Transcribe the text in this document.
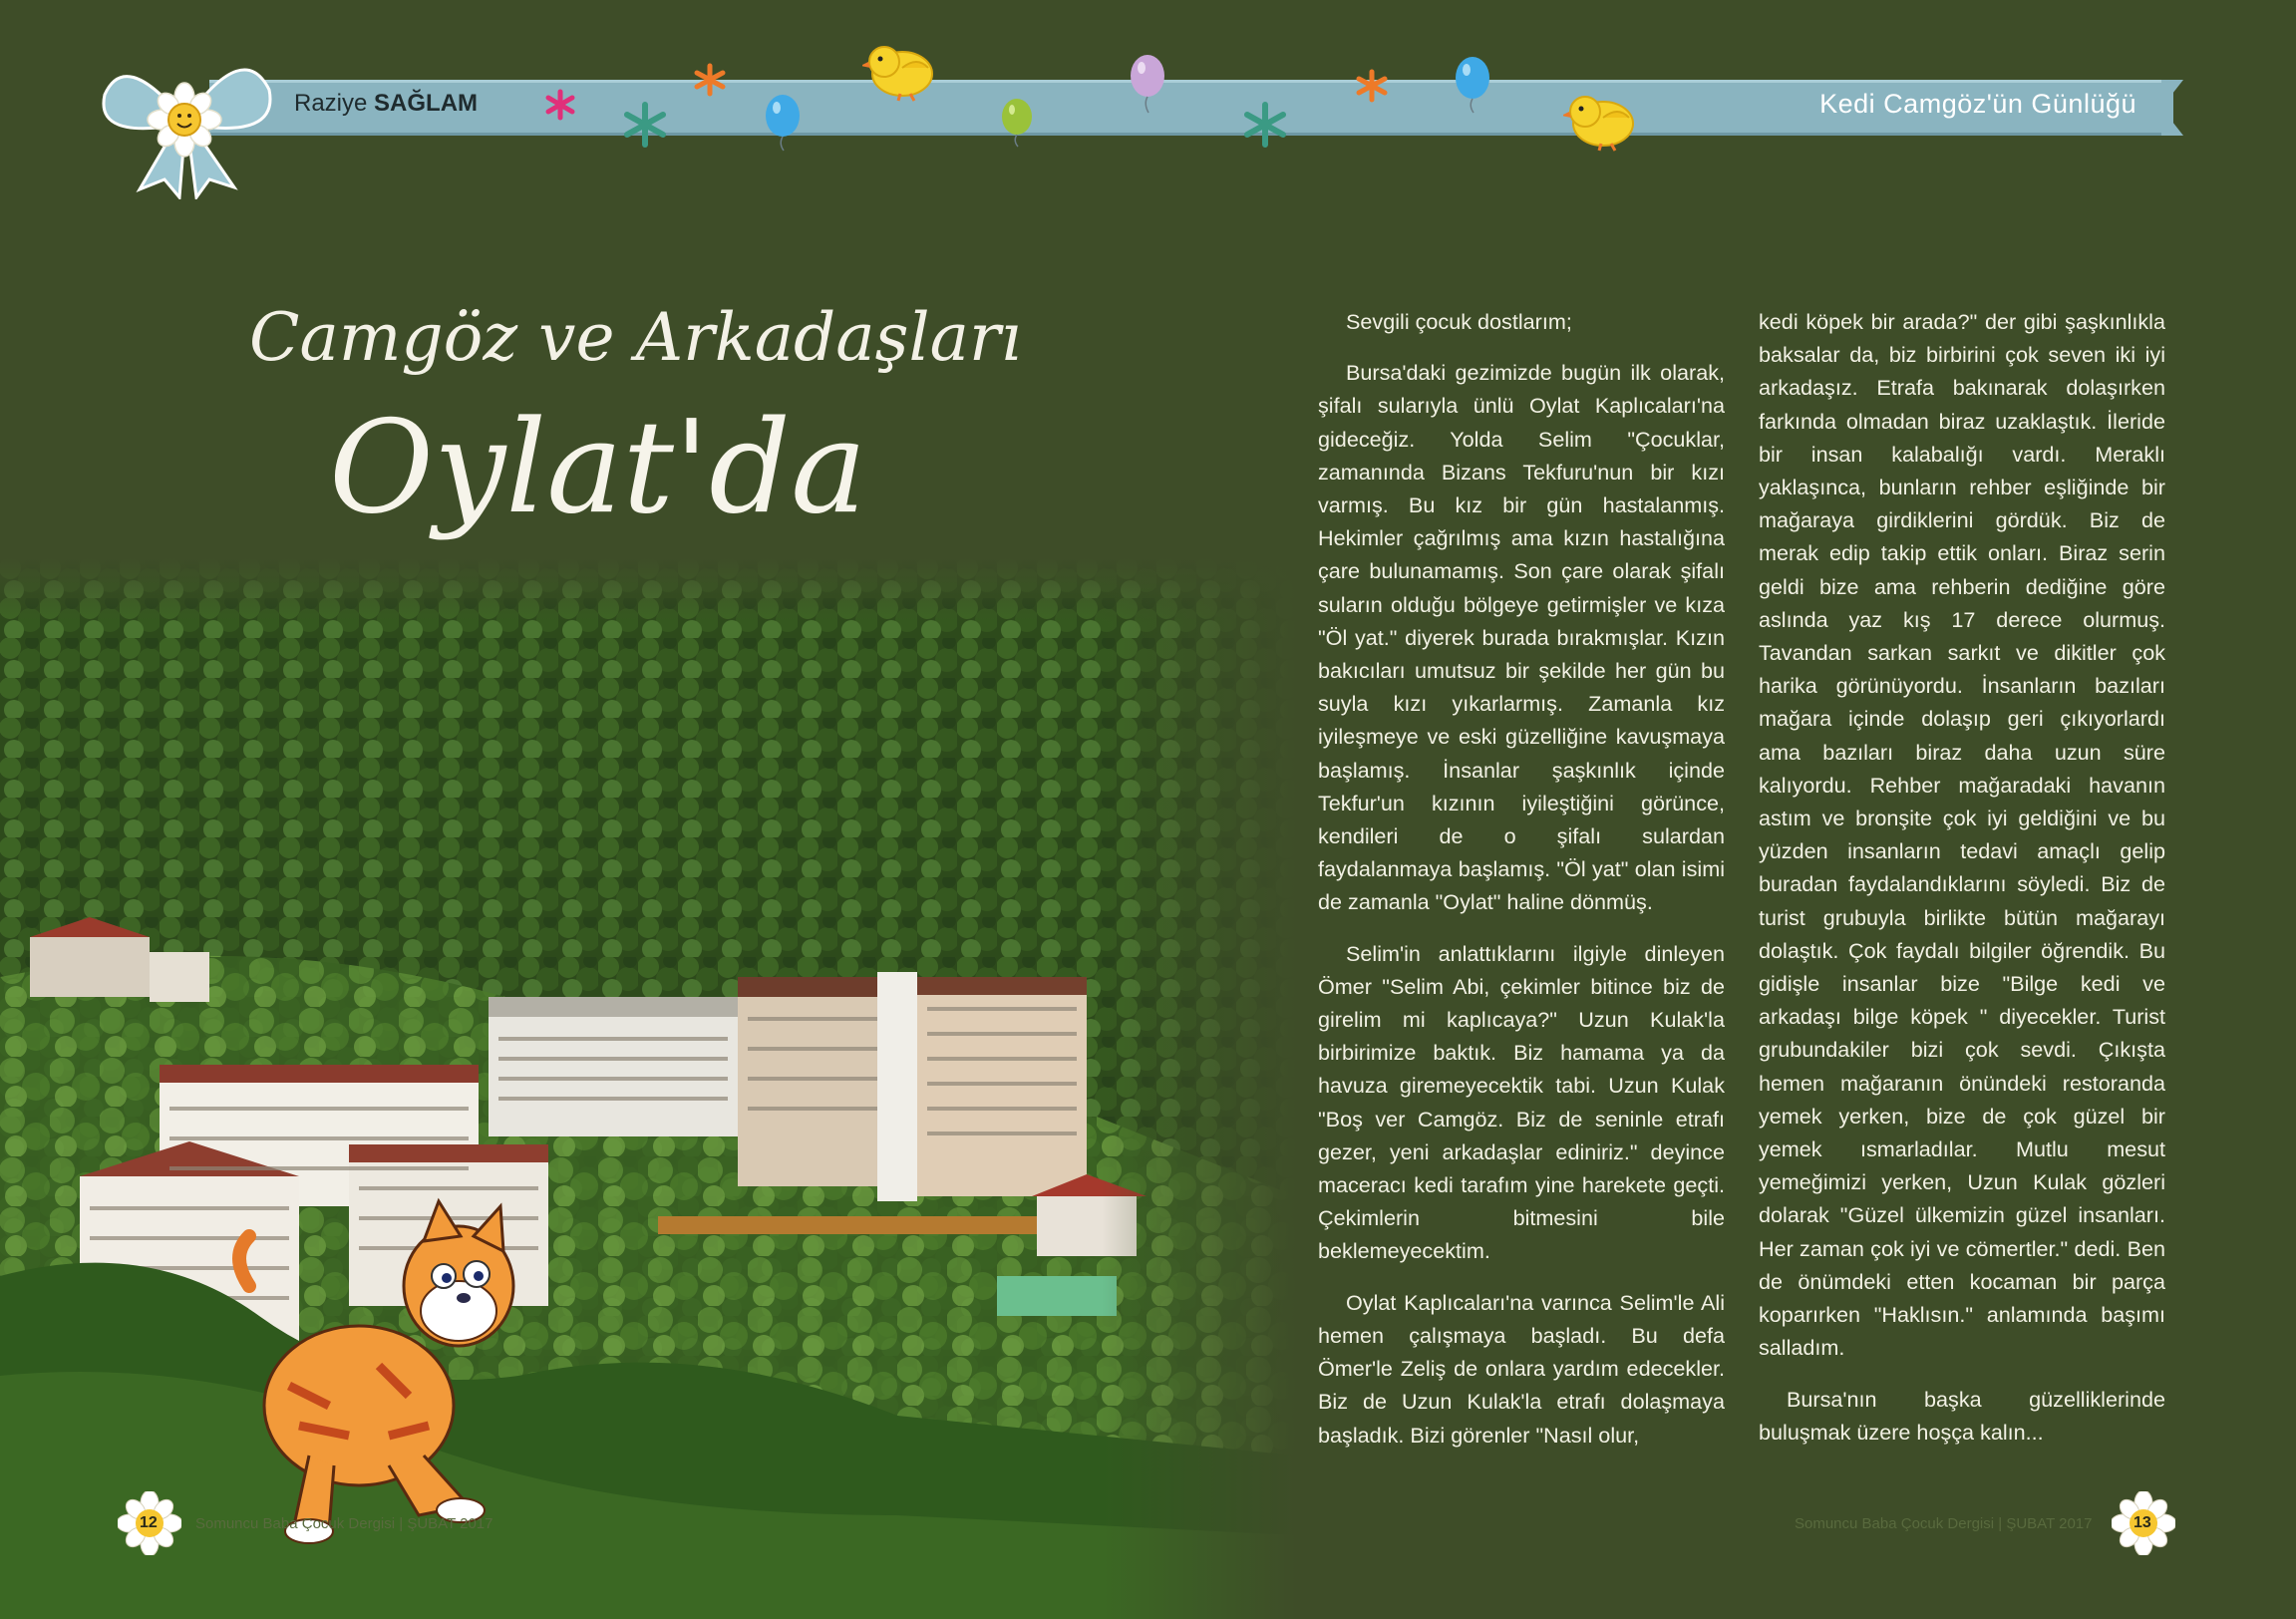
Raziye SAĞLAM	Kedi Camgöz'ün Günlüğü
Camgöz ve Arkadaşları
Oylat'da

Sevgili çocuk dostlarım;

Bursa'daki gezimizde bugün ilk olarak, şifalı sularıyla ünlü Oylat Kaplıcaları'na gideceğiz. Yolda Selim "Çocuklar, zamanında Bizans Tekfuru'nun bir kızı varmış. Bu kız bir gün hastalanmış. Hekimler çağrılmış ama kızın hastalığına çare bulunamamış. Son çare olarak şifalı suların olduğu bölgeye getirmişler ve kıza "Öl yat." diyerek burada bırakmışlar. Kızın bakıcıları umutsuz bir şekilde her gün bu suyla kızı yıkarlarmış. Zamanla kız iyileşmeye ve eski güzelliğine kavuşmaya başlamış. İnsanlar şaşkınlık içinde Tekfur'un kızının iyileştiğini görünce, kendileri de o şifalı sulardan faydalanmaya başlamış. "Öl yat" olan isimi de zamanla "Oylat" haline dönmüş.

Selim'in anlattıklarını ilgiyle dinleyen Ömer "Selim Abi, çekimler bitince biz de girelim mi kaplıcaya?" Uzun Kulak'la birbirimize baktık. Biz hamama ya da havuza giremeyecektik tabi. Uzun Kulak "Boş ver Camgöz. Biz de seninle etrafı gezer, yeni arkadaşlar ediniriz." deyince maceracı kedi tarafım yine harekete geçti. Çekimlerin bitmesini bile beklemeyecektim.

Oylat Kaplıcaları'na varınca Selim'le Ali hemen çalışmaya başladı. Bu defa Ömer'le Zeliş de onlara yardım edecekler. Biz de Uzun Kulak'la etrafı dolaşmaya başladık. Bizi görenler "Nasıl olur,

kedi köpek bir arada?" der gibi şaşkınlıkla baksalar da, biz birbirini çok seven iki iyi arkadaşız. Etrafa bakınarak dolaşırken farkında olmadan biraz uzaklaştık. İleride bir insan kalabalığı vardı. Meraklı yaklaşınca, bunların rehber eşliğinde bir mağaraya girdiklerini gördük. Biz de merak edip takip ettik onları. Biraz serin geldi bize ama rehberin dediğine göre aslında yaz kış 17 derece olurmuş. Tavandan sarkan sarkıt ve dikitler çok harika görünüyordu. İnsanların bazıları mağara içinde dolaşıp geri çıkıyorlardı ama bazıları biraz daha uzun süre kalıyordu. Rehber mağaradaki havanın astım ve bronşite çok iyi geldiğini ve bu yüzden insanların tedavi amaçlı gelip buradan faydalandıklarını söyledi. Biz de turist grubuyla birlikte bütün mağarayı dolaştık. Çok faydalı bilgiler öğrendik. Bu gidişle insanlar bize "Bilge kedi ve arkadaşı bilge köpek " diyecekler. Turist grubundakiler bizi çok sevdi. Çıkışta hemen mağaranın önündeki restoranda yemek yerken, bize de çok güzel bir yemek ısmarladılar. Mutlu mesut yemeğimizi yerken, Uzun Kulak gözleri dolarak "Güzel ülkemizin güzel insanları. Her zaman çok iyi ve cömertler." dedi. Ben de önümdeki etten kocaman bir parça koparırken "Haklısın." anlamında başımı salladım.

Bursa'nın başka güzelliklerinde buluşmak üzere hoşça kalın...

12	Somuncu Baba Çocuk Dergisi | ŞUBAT 2017	Somuncu Baba Çocuk Dergisi | ŞUBAT 2017	13
